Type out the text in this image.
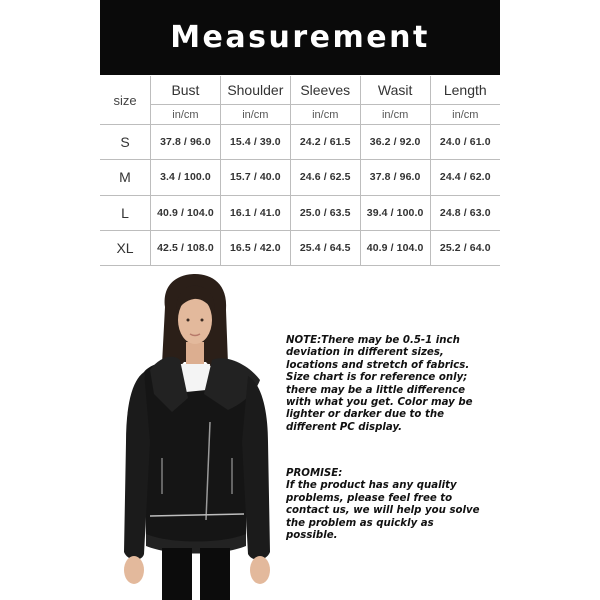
Measurement
size	Bust	Shoulder	Sleeves	Wasit	Length
	in/cm	in/cm	in/cm	in/cm	in/cm
S	37.8 / 96.0	15.4 / 39.0	24.2 / 61.5	36.2 / 92.0	24.0 / 61.0
M	3.4 / 100.0	15.7 / 40.0	24.6 / 62.5	37.8 / 96.0	24.4 / 62.0
L	40.9 / 104.0	16.1 / 41.0	25.0 / 63.5	39.4 / 100.0	24.8 / 63.0
XL	42.5 / 108.0	16.5 / 42.0	25.4 / 64.5	40.9 / 104.0	25.2 / 64.0

NOTE:There may be 0.5-1 inch deviation in different sizes, locations and stretch of fabrics. Size chart is for reference only; there may be a little difference with what you get. Color may be lighter or darker due to the different PC display.

PROMISE:

If the product has any quality problems, please feel free to contact us, we will help you solve the problem as quickly as possible.
